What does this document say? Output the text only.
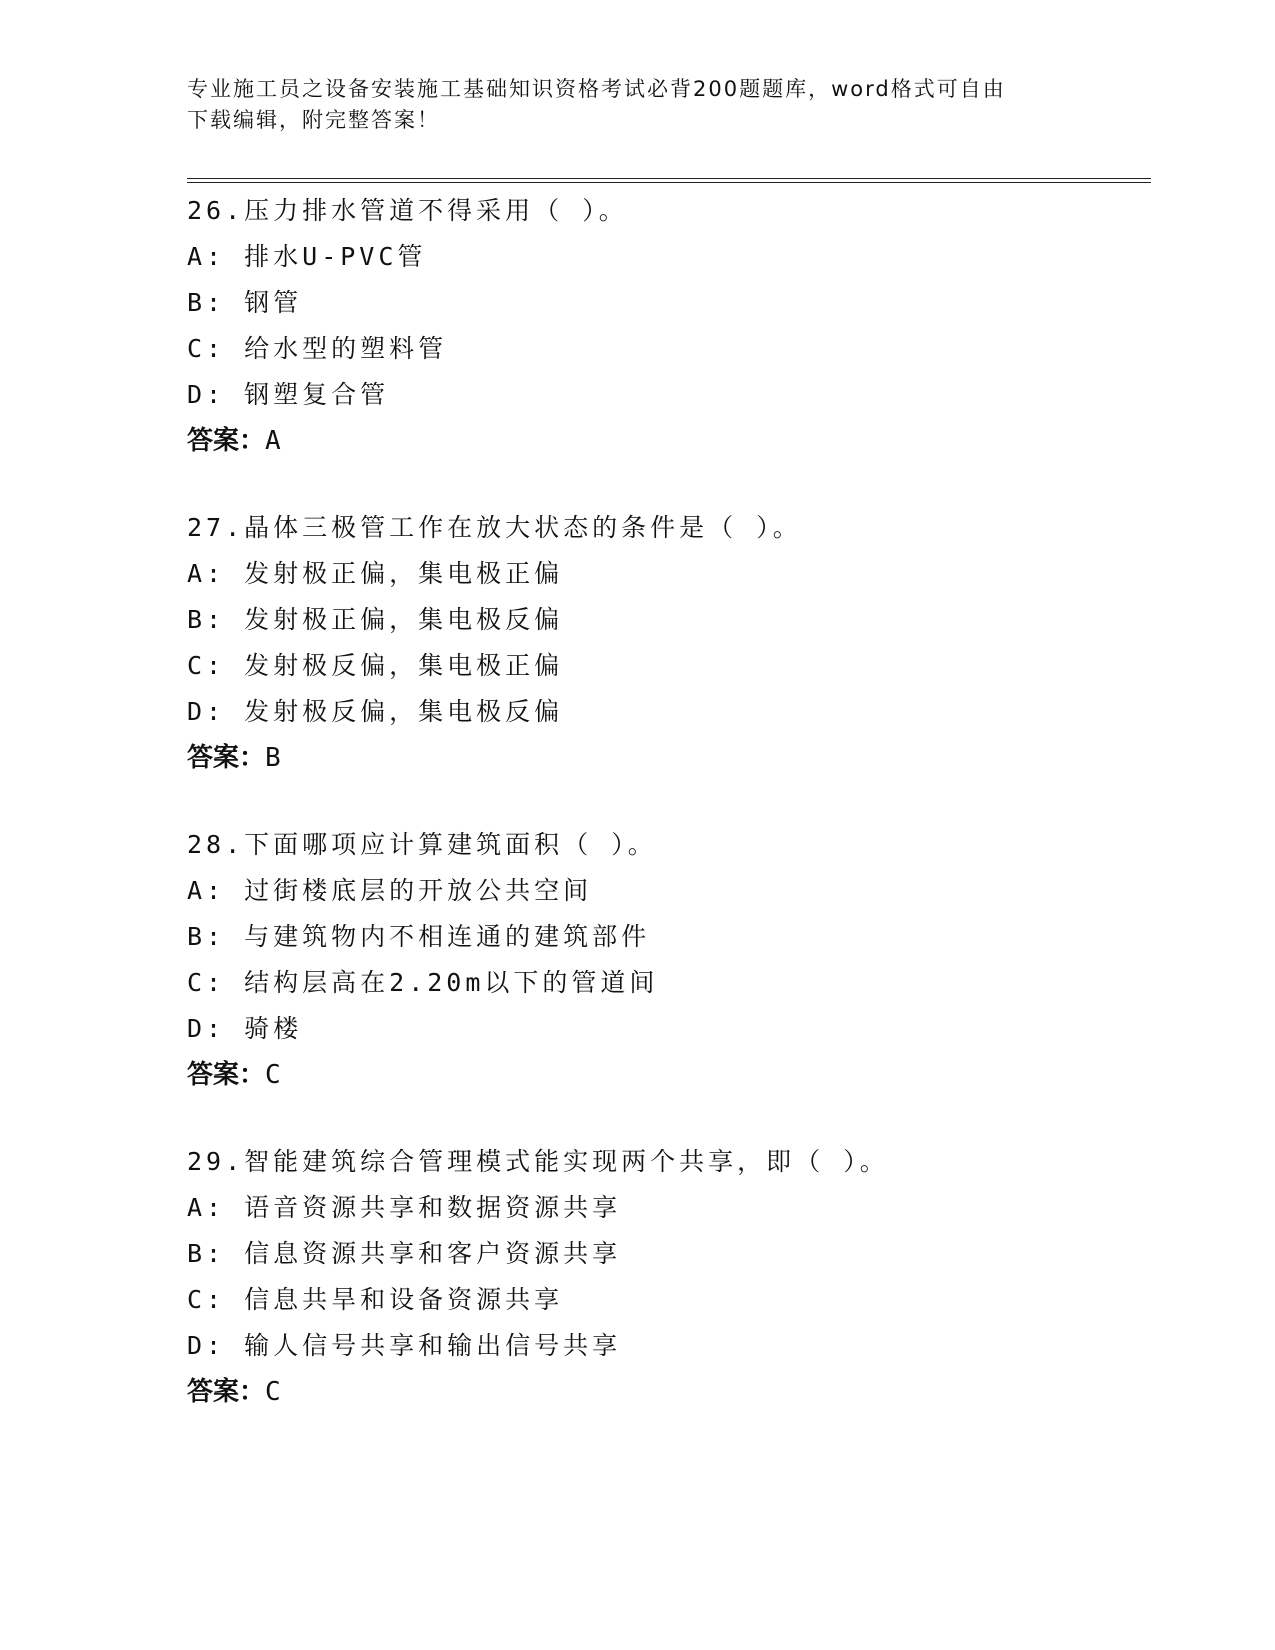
专业施工员之设备安装施工基础知识资格考试必背200题题库，word格式可自由
下载编辑，附完整答案！
26.压力排水管道不得采用（ ）。
A: 排水U-PVC管
B: 钢管
C: 给水型的塑料管
D: 钢塑复合管
答案：A
27.晶体三极管工作在放大状态的条件是（ ）。
A: 发射极正偏，集电极正偏
B: 发射极正偏，集电极反偏
C: 发射极反偏，集电极正偏
D: 发射极反偏，集电极反偏
答案：B
28.下面哪项应计算建筑面积（ ）。
A: 过街楼底层的开放公共空间
B: 与建筑物内不相连通的建筑部件
C: 结构层高在2.20m以下的管道间
D: 骑楼
答案：C
29.智能建筑综合管理模式能实现两个共享，即（ ）。
A: 语音资源共享和数据资源共享
B: 信息资源共享和客户资源共享
C: 信息共旱和设备资源共享
D: 输人信号共享和输出信号共享
答案：C
